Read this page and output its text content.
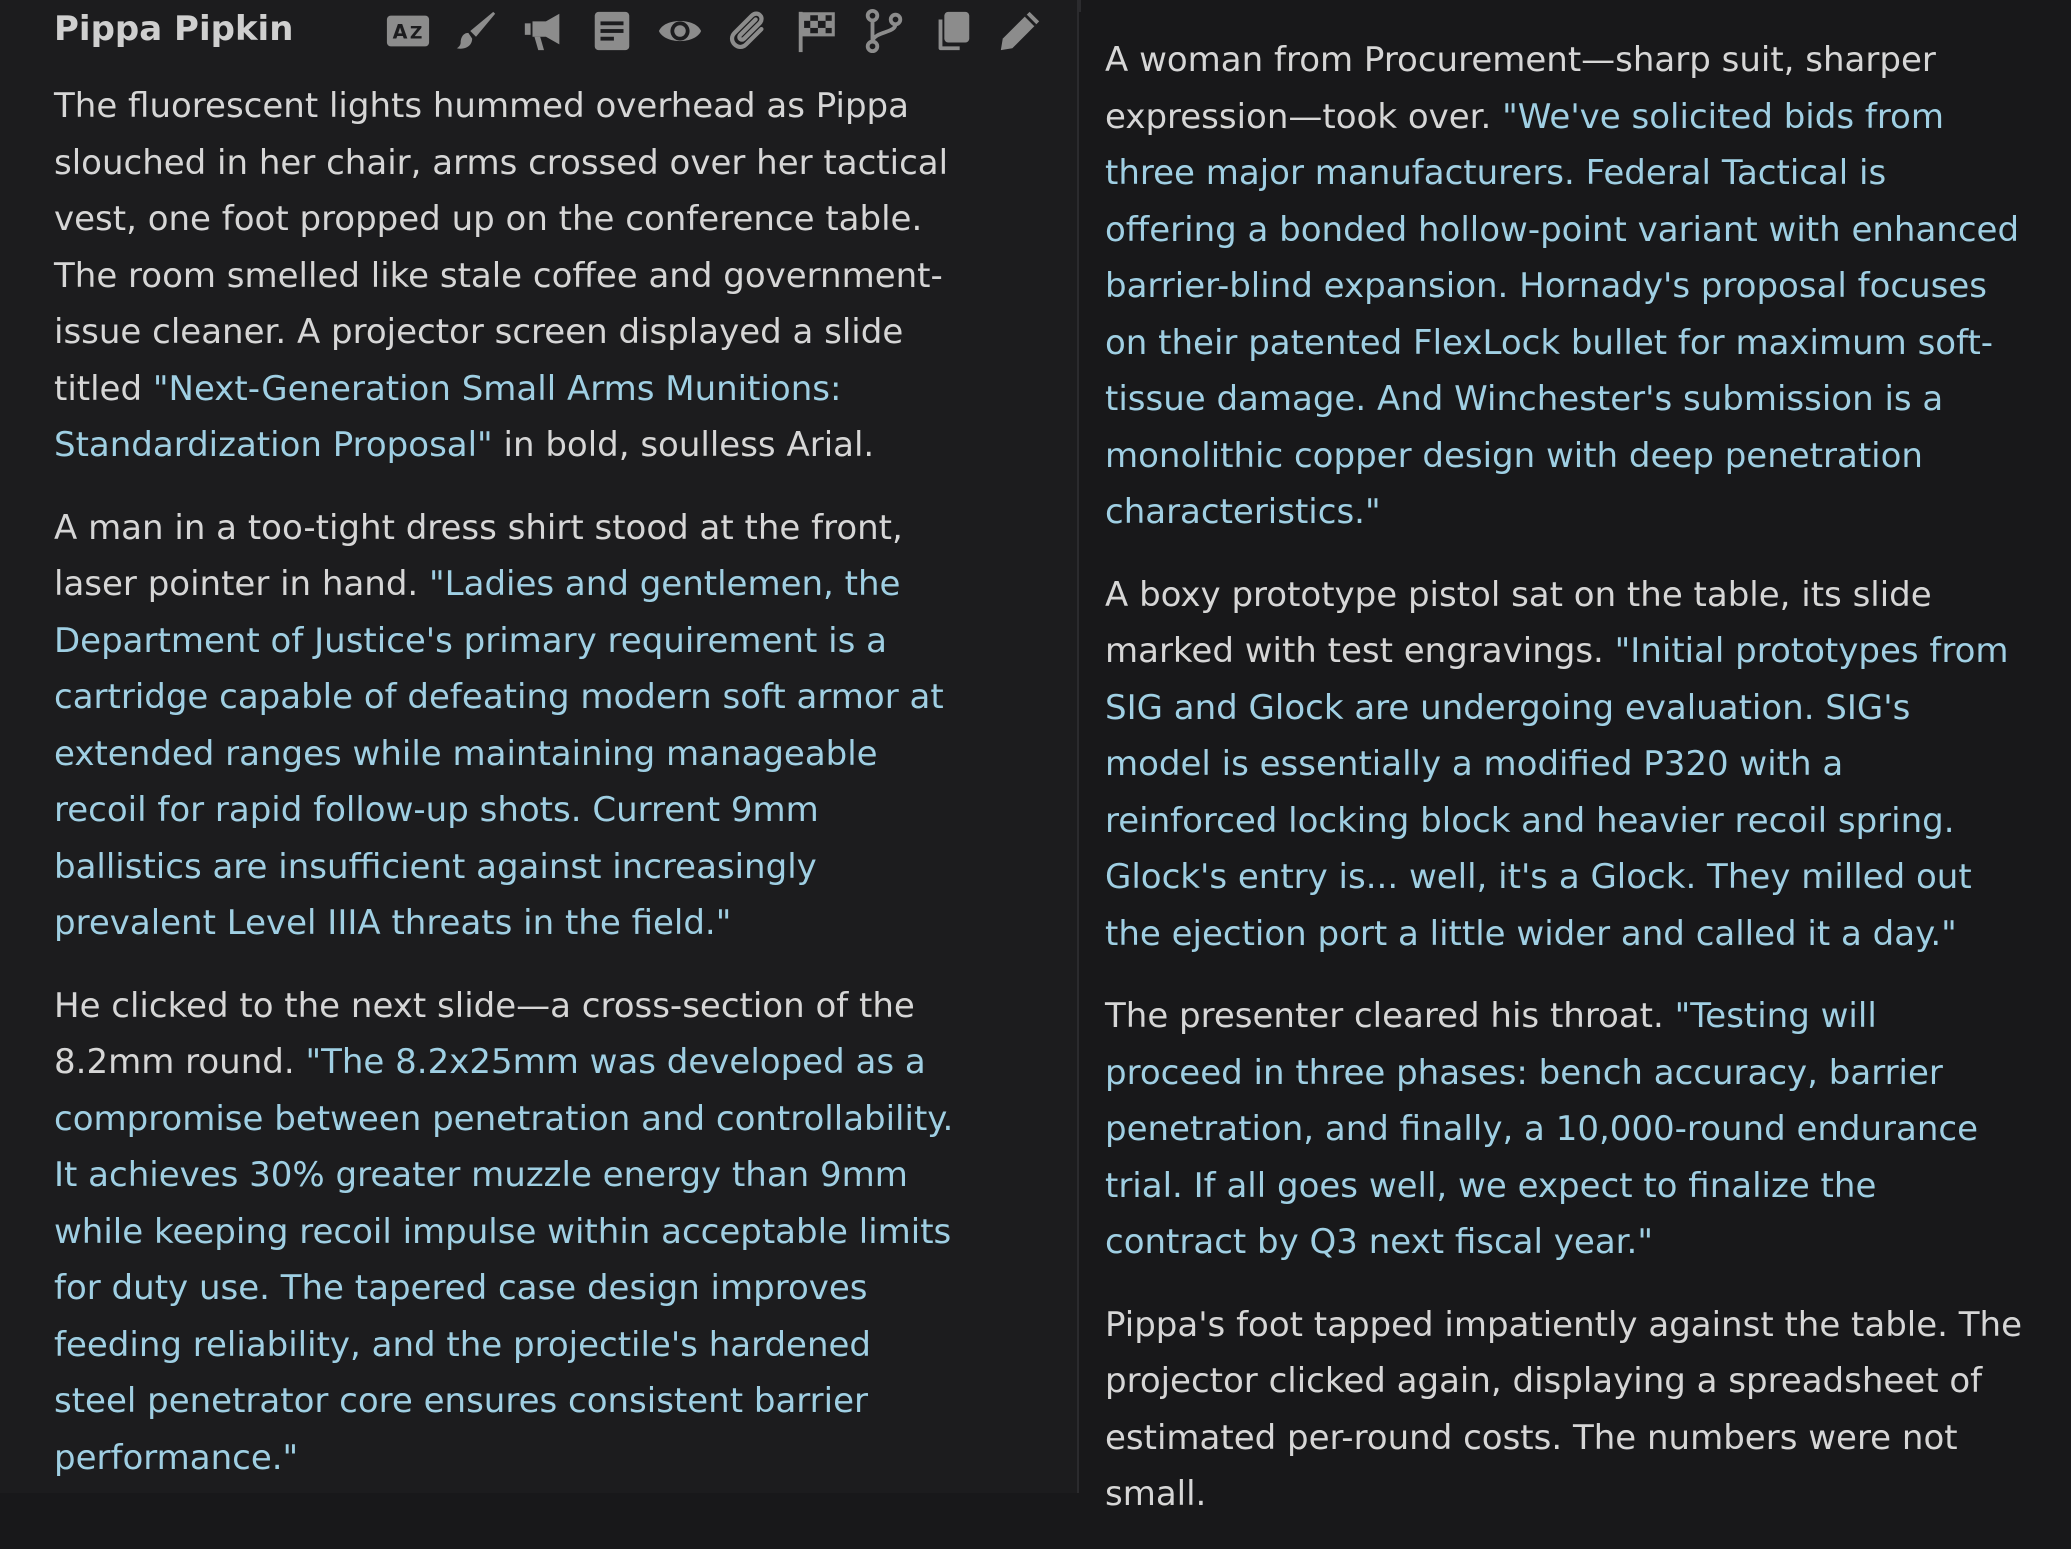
Pippa Pipkin	A Z

The fluorescent lights hummed overhead as Pippa slouched in her chair, arms crossed over her tactical vest, one foot propped up on the conference table. The room smelled like stale coffee and government-issue cleaner. A projector screen displayed a slide titled "Next-Generation Small Arms Munitions: Standardization Proposal" in bold, soulless Arial.

A man in a too-tight dress shirt stood at the front, laser pointer in hand. "Ladies and gentlemen, the Department of Justice's primary requirement is a cartridge capable of defeating modern soft armor at extended ranges while maintaining manageable recoil for rapid follow-up shots. Current 9mm ballistics are insufficient against increasingly prevalent Level IIIA threats in the field."

He clicked to the next slide—a cross-section of the 8.2mm round. "The 8.2x25mm was developed as a compromise between penetration and controllability. It achieves 30% greater muzzle energy than 9mm while keeping recoil impulse within acceptable limits for duty use. The tapered case design improves feeding reliability, and the projectile's hardened steel penetrator core ensures consistent barrier performance."

A woman from Procurement—sharp suit, sharper expression—took over. "We've solicited bids from three major manufacturers. Federal Tactical is offering a bonded hollow-point variant with enhanced barrier-blind expansion. Hornady's proposal focuses on their patented FlexLock bullet for maximum soft-tissue damage. And Winchester's submission is a monolithic copper design with deep penetration characteristics."

A boxy prototype pistol sat on the table, its slide marked with test engravings. "Initial prototypes from SIG and Glock are undergoing evaluation. SIG's model is essentially a modified P320 with a reinforced locking block and heavier recoil spring. Glock's entry is... well, it's a Glock. They milled out the ejection port a little wider and called it a day."

The presenter cleared his throat. "Testing will proceed in three phases: bench accuracy, barrier penetration, and finally, a 10,000-round endurance trial. If all goes well, we expect to finalize the contract by Q3 next fiscal year."

Pippa's foot tapped impatiently against the table. The projector clicked again, displaying a spreadsheet of estimated per-round costs. The numbers were not small.
